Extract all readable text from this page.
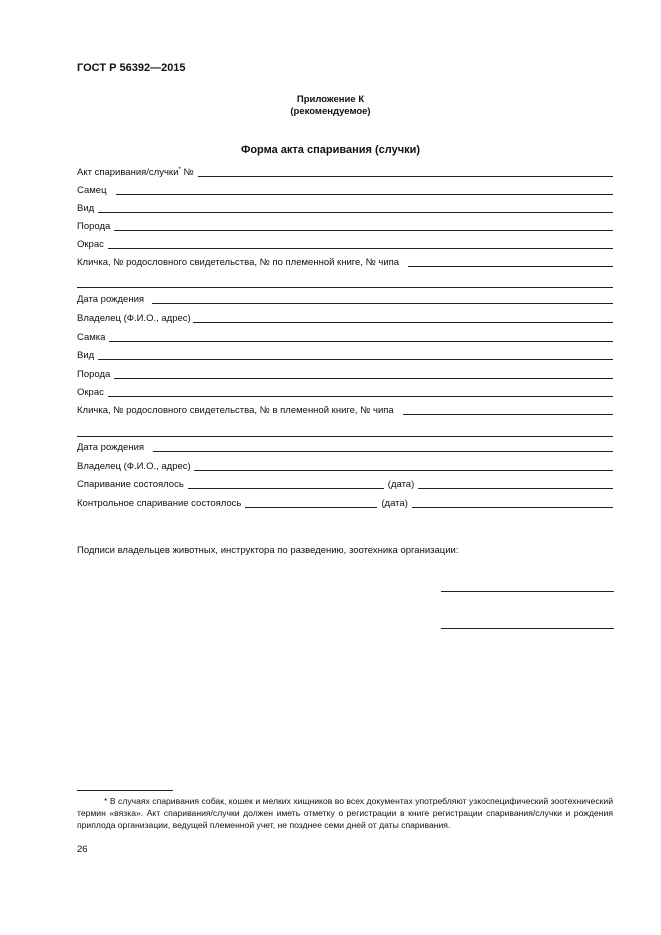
ГОСТ Р 56392—2015
Приложение К
(рекомендуемое)
Форма акта спаривания (случки)
Акт спаривания/случки* №
Самец
Вид
Порода
Окрас
Кличка, № родословного свидетельства, № по племенной книге, № чипа
Дата рождения
Владелец (Ф.И.О., адрес)
Самка
Вид
Порода
Окрас
Кличка, № родословного свидетельства, № в племенной книге, № чипа
Дата рождения
Владелец (Ф.И.О., адрес)
Спаривание состоялось	(дата)
Контрольное спаривание состоялось	(дата)
Подписи владельцев животных, инструктора по разведению, зоотехника организации:
* В случаях спаривания собак, кошек и мелких хищников во всех документах употребляют узкоспецифический зоотехнический термин «вязка». Акт спаривания/случки должен иметь отметку о регистрации в книге регистрации спаривания/случки и рождения приплода организации, ведущей племенной учет, не позднее семи дней от даты спаривания.
26
